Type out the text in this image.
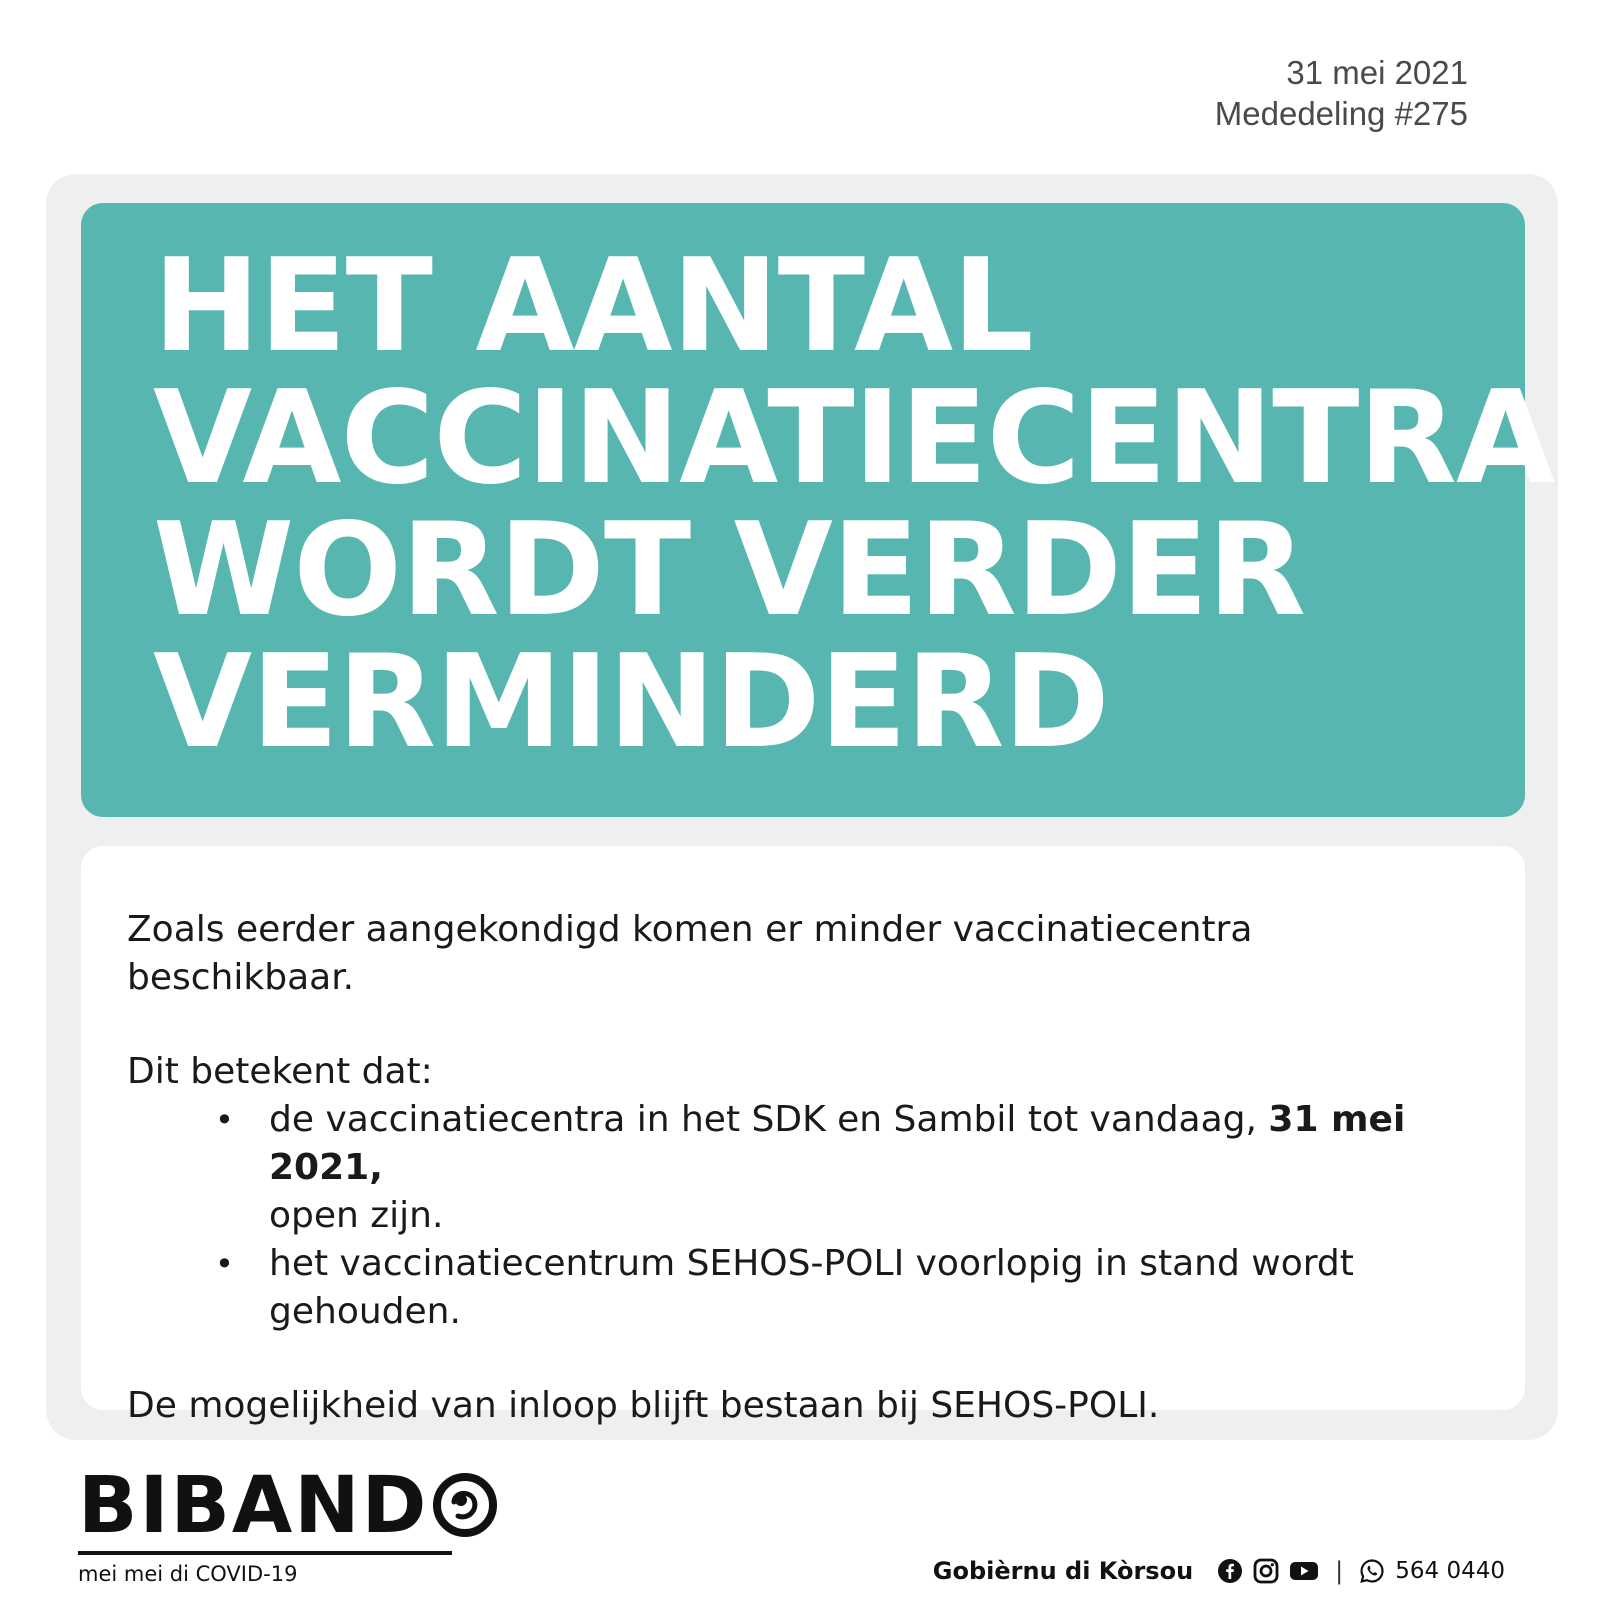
31 mei 2021
Mededeling #275
HET AANTAL
VACCINATIECENTRA
WORDT VERDER
VERMINDERD

Zoals eerder aangekondigd komen er minder vaccinatiecentra beschikbaar.

Dit betekent dat:

• de vaccinatiecentra in het SDK en Sambil tot vandaag, 31 mei 2021,
open zijn.
• het vaccinatiecentrum SEHOS-POLI voorlopig in stand wordt gehouden.

De mogelijkheid van inloop blijft bestaan bij SEHOS-POLI.

BIBAND
mei mei di COVID-19	Gobièrnu di Kòrsou	| 564 0440
